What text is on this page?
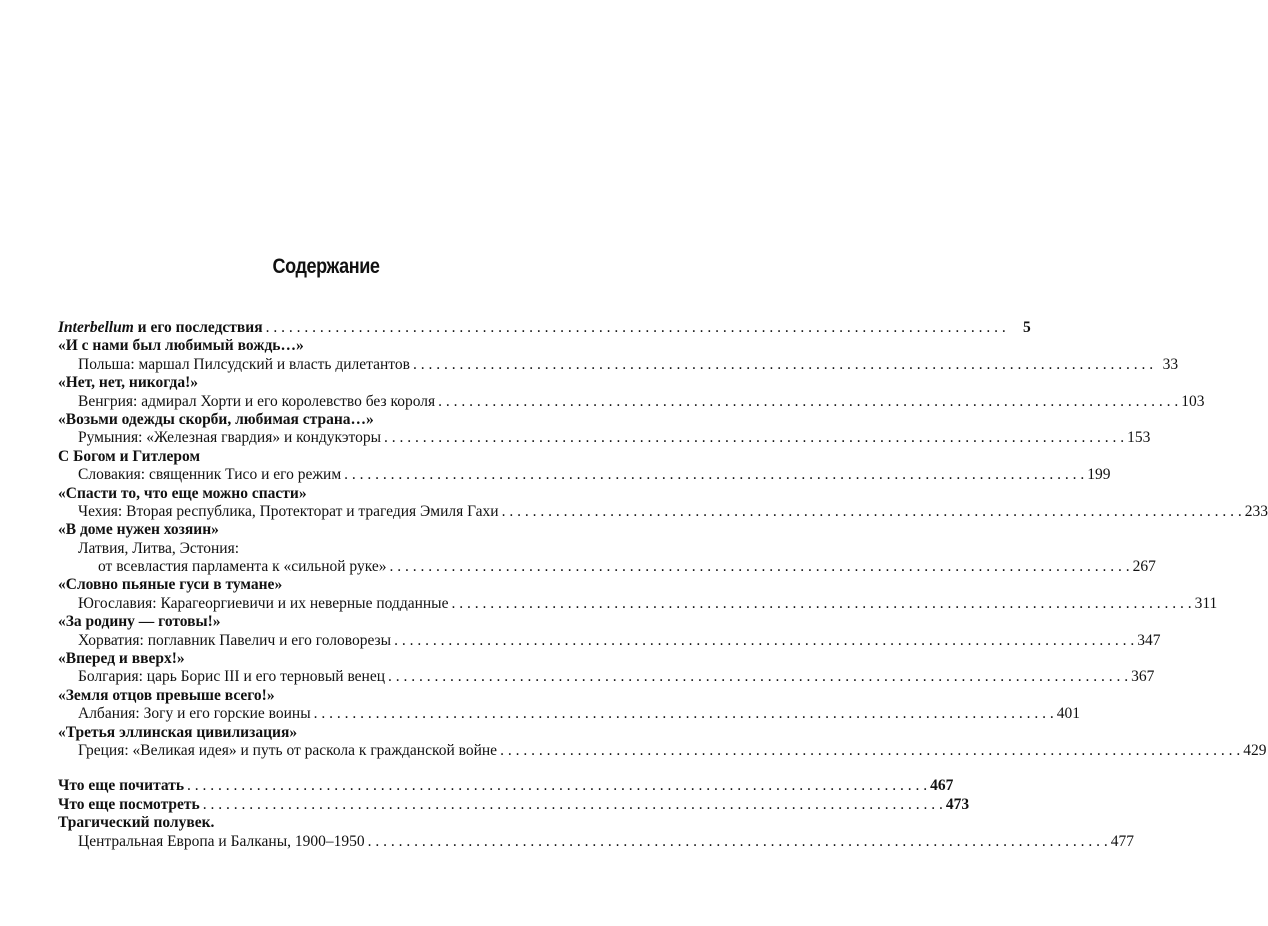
Содержание
Interbellum и его последствия . . .	5
«И с нами был любимый вождь…»
Польша: маршал Пилсудский и власть дилетантов . . .	33
«Нет, нет, никогда!»
Венгрия: адмирал Хорти и его королевство без короля . . .	103
«Возьми одежды скорби, любимая страна…»
Румыния: «Железная гвардия» и кондукэторы . . .	153
С Богом и Гитлером
Словакия: священник Тисо и его режим . . .	199
«Спасти то, что еще можно спасти»
Чехия: Вторая республика, Протекторат и трагедия Эмиля Гахи . . .	233
«В доме нужен хозяин»
Латвия, Литва, Эстония:
от всевластия парламента к «сильной руке» . . .	267
«Словно пьяные гуси в тумане»
Югославия: Карагеоргиевичи и их неверные подданные . . .	311
«За родину — готовы!»
Хорватия: поглавник Павелич и его головорезы . . .	347
«Вперед и вверх!»
Болгария: царь Борис III и его терновый венец . . .	367
«Земля отцов превыше всего!»
Албания: Зогу и его горские воины . . .	401
«Третья эллинская цивилизация»
Греция: «Великая идея» и путь от раскола к гражданской войне . . .	429
Что еще почитать . . .	467
Что еще посмотреть . . .	473
Трагический полувек.
Центральная Европа и Балканы, 1900–1950 . . .	477
